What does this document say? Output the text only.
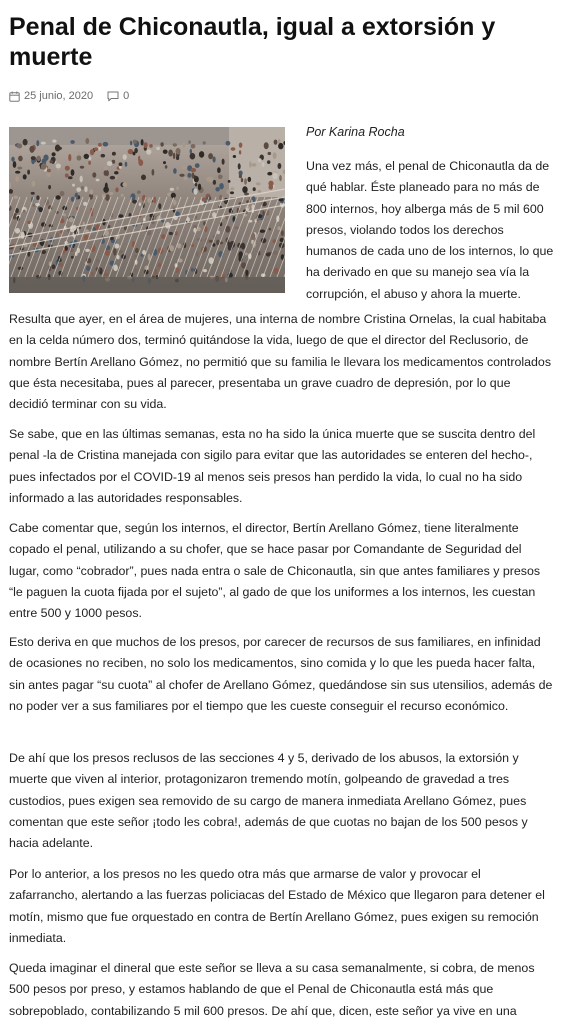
Penal de Chiconautla, igual a extorsión y muerte
25 junio, 2020	0

Por Karina Rocha

Una vez más, el penal de Chiconautla da de qué hablar. Éste planeado para no más de 800 internos, hoy alberga más de 5 mil 600 presos, violando todos los derechos humanos de cada uno de los internos, lo que ha derivado en que su manejo sea vía la corrupción, el abuso y ahora la muerte.

Resulta que ayer, en el área de mujeres, una interna de nombre Cristina Ornelas, la cual habitaba en la celda número dos, terminó quitándose la vida, luego de que el director del Reclusorio, de nombre Bertín Arellano Gómez, no permitió que su familia le llevara los medicamentos controlados que ésta necesitaba, pues al parecer, presentaba un grave cuadro de depresión, por lo que decidió terminar con su vida.

Se sabe, que en las últimas semanas, esta no ha sido la única muerte que se suscita dentro del penal -la de Cristina manejada con sigilo para evitar que las autoridades se enteren del hecho-, pues infectados por el COVID-19 al menos seis presos han perdido la vida, lo cual no ha sido informado a las autoridades responsables.

Cabe comentar que, según los internos, el director, Bertín Arellano Gómez, tiene literalmente copado el penal, utilizando a su chofer, que se hace pasar por Comandante de Seguridad del lugar, como “cobrador”, pues nada entra o sale de Chiconautla, sin que antes familiares y presos “le paguen la cuota fijada por el sujeto”, al gado de que los uniformes a los internos, les cuestan entre 500 y 1000 pesos.

Esto deriva en que muchos de los presos, por carecer de recursos de sus familiares, en infinidad de ocasiones no reciben, no solo los medicamentos, sino comida y lo que les pueda hacer falta, sin antes pagar “su cuota” al chofer de Arellano Gómez, quedándose sin sus utensilios, además de no poder ver a sus familiares por el tiempo que les cueste conseguir el recurso económico.

De ahí que los presos reclusos de las secciones 4 y 5, derivado de los abusos, la extorsión y muerte que viven al interior, protagonizaron tremendo motín, golpeando de gravedad a tres custodios, pues exigen sea removido de su cargo de manera inmediata Arellano Gómez, pues comentan que este señor ¡todo les cobra!, además de que cuotas no bajan de los 500 pesos y hacia adelante.

Por lo anterior, a los presos no les quedo otra más que armarse de valor y provocar el zafarrancho, alertando a las fuerzas policiacas del Estado de México que llegaron para detener el motín, mismo que fue orquestado en contra de Bertín Arellano Gómez, pues exigen su remoción inmediata.

Queda imaginar el dineral que este señor se lleva a su casa semanalmente, si cobra, de menos 500 pesos por preso, y estamos hablando de que el Penal de Chiconautla está más que sobrepoblado, contabilizando 5 mil 600 presos. De ahí que, dicen, este señor ya vive en una
